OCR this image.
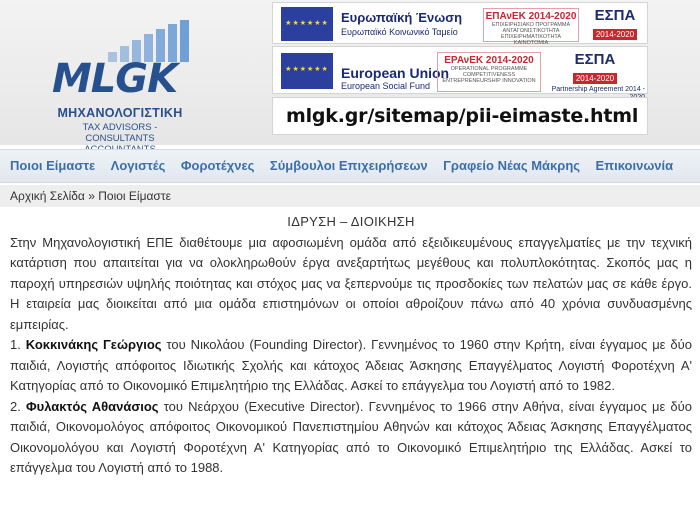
MLGK
ΜΗΧΑΝΟΛΟΓΙΣΤΙΚΗ
TAX ADVISORS - CONSULTANTS
★★★★★★ Ευρωπαϊκή Ένωση
Ευρωπαϊκό Κοινωνικό Ταμείο
ΕΠΑνΕΚ 2014-2020
ΕΠΙΧΕΙΡΗΣΙΑΚΟ ΠΡΟΓΡΑΜΜΑ ΑΝΤΑΓΩΝΙΣΤΙΚΟΤΗΤΑ ΕΠΙΧΕΙΡΗΜΑΤΙΚΟΤΗΤΑ ΚΑΙΝΟΤΟΜΙΑ
ΕΣΠΑ
2014-2020
★★★★★★ European Union
European Social Fund
ΕΡΑνΕΚ 2014-2020
OPERATIONAL PROGRAMME COMPETITIVENESS ENTREPRENEURSHIP INNOVATION
ΕΣΠΑ
2014-2020
Partnership Agreement 2014 -
mlgk.gr/sitemap/pii-eimaste.html
Ποιοι Είμαστε Λογιστές Φοροτέχνες Σύμβουλοι Επιχειρήσεων Γραφείο Νέας Μάκρης Επικοινωνία
Αρχική Σελίδα » Ποιοι Είμαστε
ΙΔΡΥΣΗ – ΔΙΟΙΚΗΣΗ

Στην Μηχανολογιστική ΕΠΕ διαθέτουμε μια αφοσιωμένη ομάδα από εξειδικευμένους επαγγελματίες με την τεχνική κατάρτιση που απαιτείται για να ολοκληρωθούν έργα ανεξαρτήτως μεγέθους και πολυπλοκότητας. Σκοπός μας η παροχή υπηρεσιών υψηλής ποιότητας και στόχος μας να ξεπερνούμε τις προσδοκίες των πελατών μας σε κάθε έργο. Η εταιρεία μας διοικείται από μια ομάδα επιστημόνων οι οποίοι αθροίζουν πάνω από 40 χρόνια συνδυασμένης εμπειρίας.

1. Κοκκινάκης Γεώργιος του Νικολάου (Founding Director). Γεννημένος το 1960 στην Κρήτη, είναι έγγαμος με δύο παιδιά, Λογιστής απόφοιτος Ιδιωτικής Σχολής και κάτοχος Άδειας Άσκησης Επαγγέλματος Λογιστή Φοροτέχνη Α' Κατηγορίας από το Οικονομικό Επιμελητήριο της Ελλάδας. Ασκεί το επάγγελμα του Λογιστή από το 1982.

2. Φυλακτός Αθανάσιος του Νεάρχου (Executive Director). Γεννημένος το 1966 στην Αθήνα, είναι έγγαμος με δύο παιδιά, Οικονομολόγος απόφοιτος Οικονομικού Πανεπιστημίου Αθηνών και κάτοχος Άδειας Άσκησης Επαγγέλματος Οικονομολόγου και Λογιστή Φοροτέχνη Α' Κατηγορίας από το Οικονομικό Επιμελητήριο της Ελλάδας. Ασκεί το επάγγελμα του Λογιστή από το 1988.
